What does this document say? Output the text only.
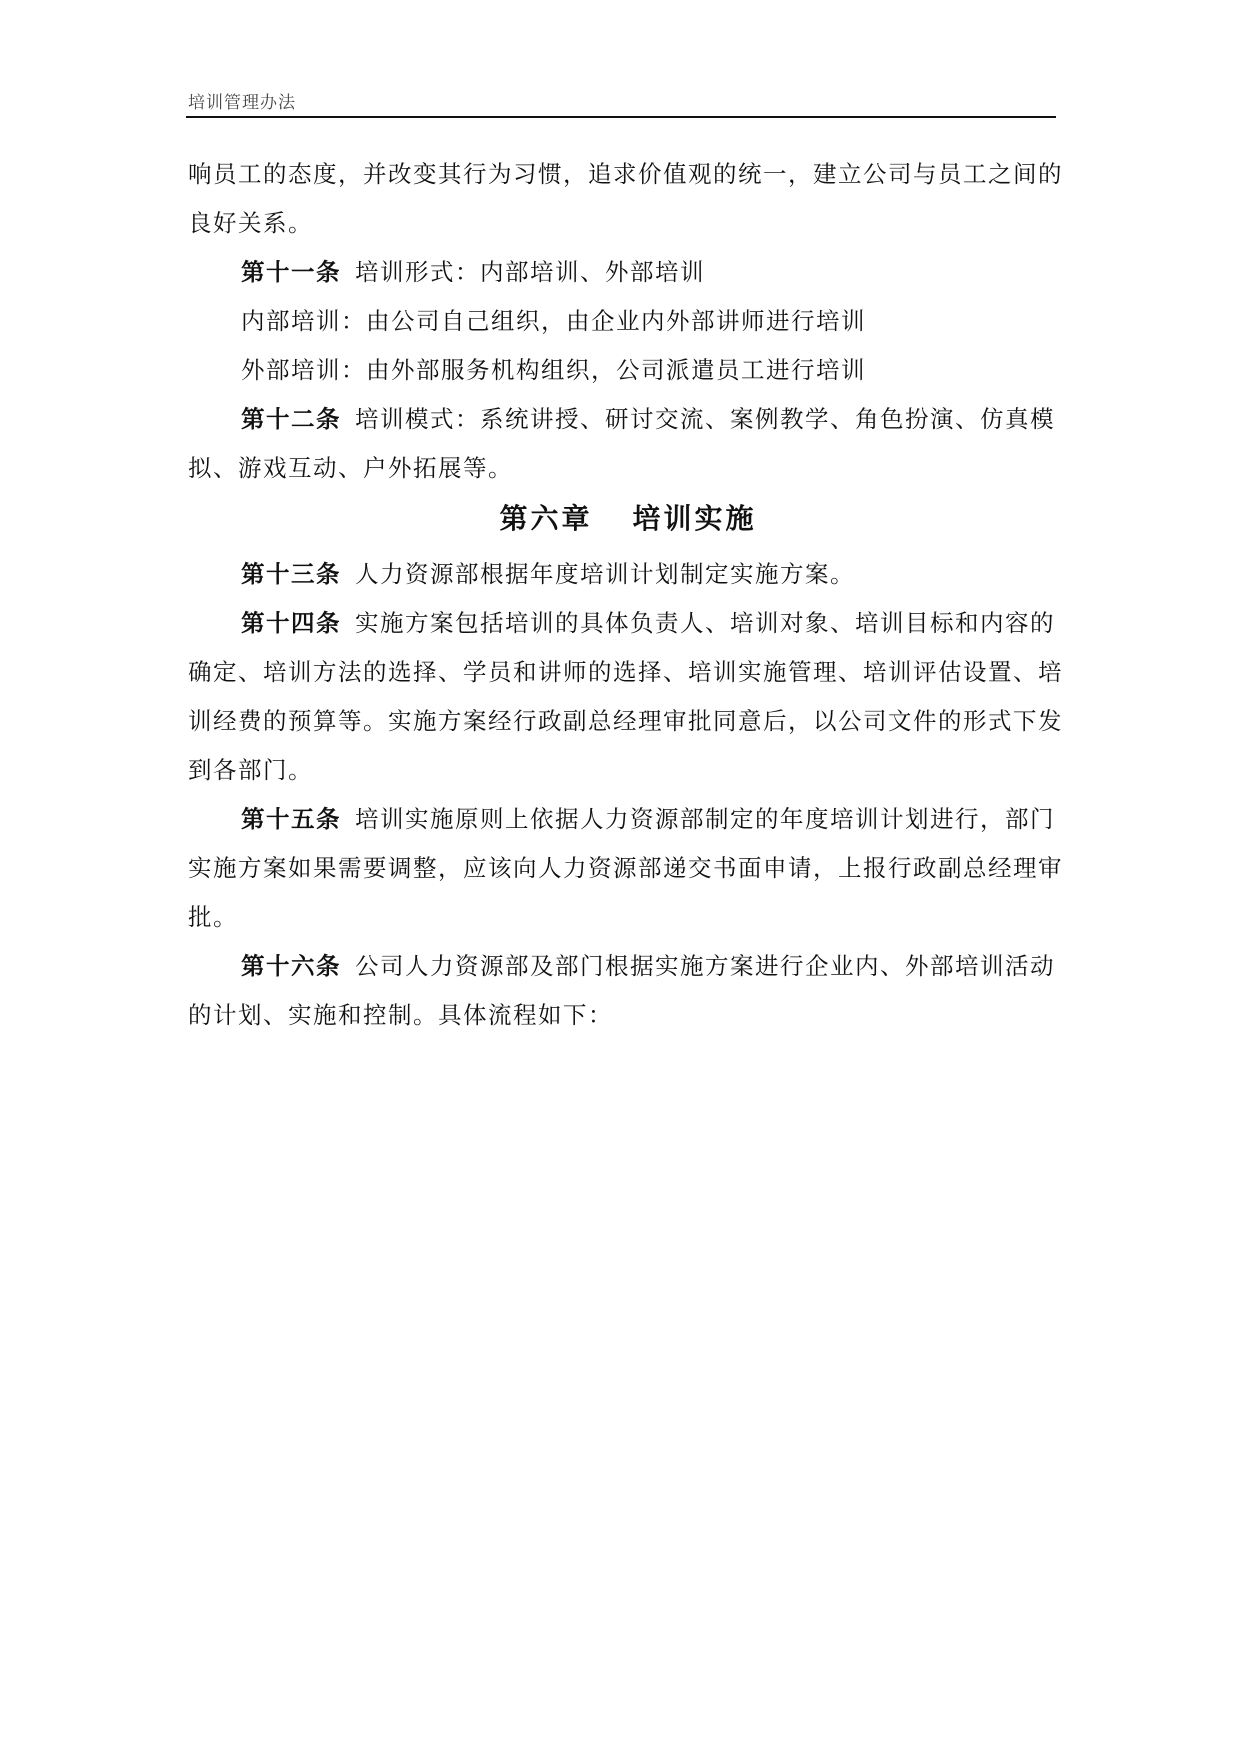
培训管理办法

响员工的态度，并改变其行为习惯，追求价值观的统一，建立公司与员工之间的

良好关系。

第十一条 培训形式：内部培训、外部培训

内部培训：由公司自己组织，由企业内外部讲师进行培训

外部培训：由外部服务机构组织，公司派遣员工进行培训

第十二条 培训模式：系统讲授、研讨交流、案例教学、角色扮演、仿真模

拟、游戏互动、户外拓展等。

第六章 培训实施

第十三条 人力资源部根据年度培训计划制定实施方案。

第十四条 实施方案包括培训的具体负责人、培训对象、培训目标和内容的

确定、培训方法的选择、学员和讲师的选择、培训实施管理、培训评估设置、培

训经费的预算等。实施方案经行政副总经理审批同意后，以公司文件的形式下发

到各部门。

第十五条 培训实施原则上依据人力资源部制定的年度培训计划进行，部门

实施方案如果需要调整，应该向人力资源部递交书面申请，上报行政副总经理审

批。

第十六条 公司人力资源部及部门根据实施方案进行企业内、外部培训活动

的计划、实施和控制。具体流程如下：
